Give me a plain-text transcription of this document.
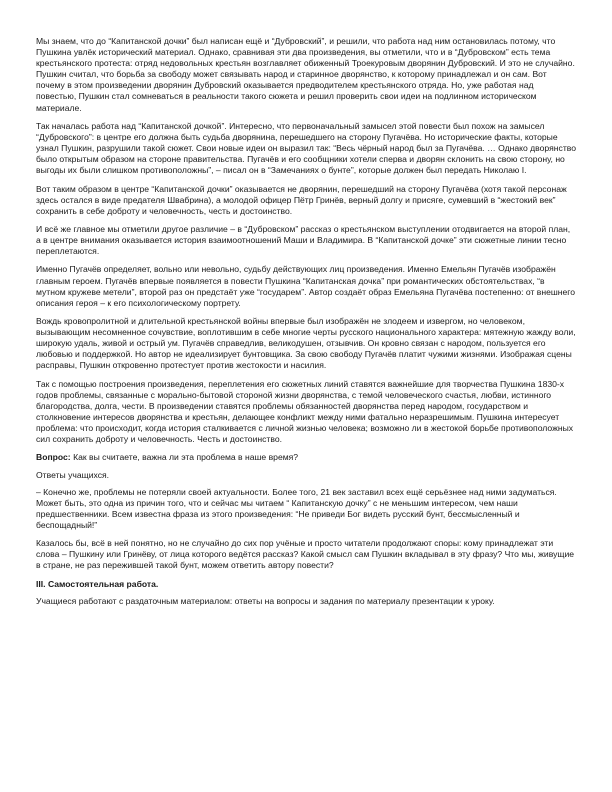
Мы знаем, что до “Капитанской дочки” был написан ещё и “Дубровский”, и решили, что работа над ним остановилась потому, что Пушкина увлёк исторический материал. Однако, сравнивая эти два произведения, вы отметили, что и в “Дубровском” есть тема крестьянского протеста: отряд недовольных крестьян возглавляет обиженный Троекуровым дворянин Дубровский. И это не случайно. Пушкин считал, что борьба за свободу может связывать народ и старинное дворянство, к которому принадлежал и он сам. Вот почему в этом произведении дворянин Дубровский оказывается предводителем крестьянского отряда. Но, уже работая над повестью, Пушкин стал сомневаться в реальности такого сюжета и решил проверить свои идеи на подлинном историческом материале.

Так началась работа над “Капитанской дочкой”. Интересно, что первоначальный замысел этой повести был похож на замысел “Дубровского”: в центре его должна быть судьба дворянина, перешедшего на сторону Пугачёва. Но исторические факты, которые узнал Пушкин, разрушили такой сюжет. Свои новые идеи он выразил так: “Весь чёрный народ был за Пугачёва. … Однако дворянство было открытым образом на стороне правительства. Пугачёв и его сообщники хотели сперва и дворян склонить на свою сторону, но выгоды их были слишком противоположны”, – писал он в “Замечаниях о бунте”, которые должен был передать Николаю I.

Вот таким образом в центре “Капитанской дочки” оказывается не дворянин, перешедший на сторону Пугачёва (хотя такой персонаж здесь остался в виде предателя Швабрина), а молодой офицер Пётр Гринёв, верный долгу и присяге, сумевший в “жестокий век” сохранить в себе доброту и человечность, честь и достоинство.

И всё же главное мы отметили другое различие – в “Дубровском” рассказ о крестьянском выступлении отодвигается на второй план, а в центре внимания оказывается история взаимоотношений Маши и Владимира. В “Капитанской дочке” эти сюжетные линии тесно переплетаются.

Именно Пугачёв определяет, вольно или невольно, судьбу действующих лиц произведения. Именно Емельян Пугачёв изображён главным героем. Пугачёв впервые появляется в повести Пушкина “Капитанская дочка” при романтических обстоятельствах, “в мутном кружеве метели”, второй раз он предстаёт уже “государем”. Автор создаёт образ Емельяна Пугачёва постепенно: от внешнего описания героя – к его психологическому портрету.

Вождь кровопролитной и длительной крестьянской войны впервые был изображён не злодеем и извергом, но человеком, вызывающим несомненное сочувствие, воплотившим в себе многие черты русского национального характера: мятежную жажду воли, широкую удаль, живой и острый ум. Пугачёв справедлив, великодушен, отзывчив. Он кровно связан с народом, пользуется его любовью и поддержкой. Но автор не идеализирует бунтовщика. За свою свободу Пугачёв платит чужими жизнями. Изображая сцены расправы, Пушкин откровенно протестует против жестокости и насилия.

Так с помощью построения произведения, переплетения его сюжетных линий ставятся важнейшие для творчества Пушкина 1830-х годов проблемы, связанные с морально-бытовой стороной жизни дворянства, с темой человеческого счастья, любви, истинного благородства, долга, чести. В произведении ставятся проблемы обязанностей дворянства перед народом, государством и столкновение интересов дворянства и крестьян, делающее конфликт между ними фатально неразрешимым. Пушкина интересует проблема: что происходит, когда история сталкивается с личной жизнью человека; возможно ли в жестокой борьбе противоположных сил сохранить доброту и человечность. Честь и достоинство.

Вопрос: Как вы считаете, важна ли эта проблема в наше время?

Ответы учащихся.

– Конечно же, проблемы не потеряли своей актуальности. Более того, 21 век заставил всех ещё серьёзнее над ними задуматься. Может быть, это одна из причин того, что и сейчас мы читаем “ Капитанскую дочку” с не меньшим интересом, чем наши предшественники. Всем известна фраза из этого произведения: “Не приведи Бог видеть русский бунт, бессмысленный и беспощадный!”

Казалось бы, всё в ней понятно, но не случайно до сих пор учёные и просто читатели продолжают споры: кому принадлежат эти слова – Пушкину или Гринёву, от лица которого ведётся рассказ? Какой смысл сам Пушкин вкладывал в эту фразу? Что мы, живущие в стране, не раз пережившей такой бунт, можем ответить автору повести?

III. Самостоятельная работа.

Учащиеся работают с раздаточным материалом: ответы на вопросы и задания по материалу презентации к уроку.
